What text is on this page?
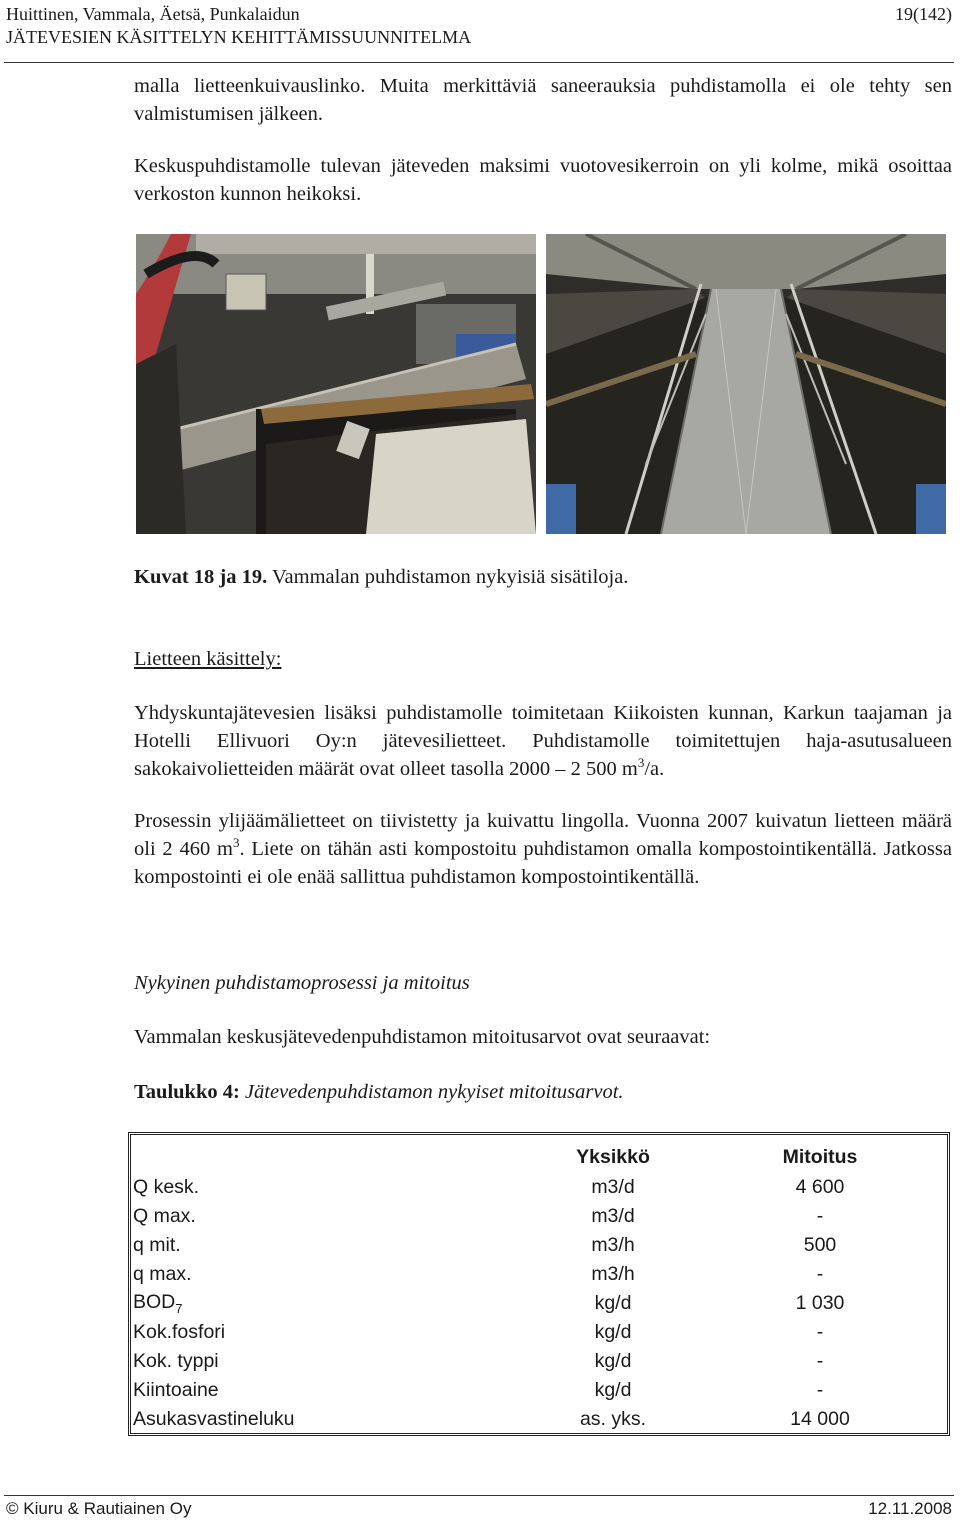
Huittinen, Vammala, Äetsä, Punkalaidun
JÄTEVESIEN KÄSITTELYN KEHITTÄMISSUUNNITELMA
19(142)
malla lietteenkuivauslinko. Muita merkittäviä saneerauksia puhdistamolla ei ole tehty sen valmistumisen jälkeen.
Keskuspuhdistamolle tulevan jäteveden maksimi vuotovesikerroin on yli kolme, mikä osoittaa verkoston kunnon heikoksi.
Kuvat 18 ja 19. Vammalan puhdistamon nykyisiä sisätiloja.
Lietteen käsittely:
Yhdyskuntajätevesien lisäksi puhdistamolle toimitetaan Kiikoisten kunnan, Karkun taajaman ja Hotelli Ellivuori Oy:n jätevesilietteet. Puhdistamolle toimitettujen haja-asutusalueen sakokaivolietteiden määrät ovat olleet tasolla 2000 – 2 500 $m^3/a$.
Prosessin ylijäämälietteet on tiivistetty ja kuivattu lingolla. Vuonna 2007 kuivatun lietteen määrä oli 2 460 $m^3$. Liete on tähän asti kompostoitu puhdistamon omalla kompostointikentällä. Jatkossa kompostointi ei ole enää sallittua puhdistamon kompostointikentällä.
Nykyinen puhdistamoprosessi ja mitoitus
Vammalan keskusjätevedenpuhdistamon mitoitusarvot ovat seuraavat:
Taulukko 4: Jätevedenpuhdistamon nykyiset mitoitusarvot.
	Yksikkö	Mitoitus
Q kesk.	m3/d	4 600
Q max.	m3/d	-
q mit.	m3/h	500
q max.	m3/h	-
$BOD_7$	kg/d	1 030
Kok.fosfori	kg/d	-
Kok. typpi	kg/d	-
Kiintoaine	kg/d	-
Asukasvastineluku	as. yks.	14 000
© Kiuru & Rautiainen Oy	12.11.2008
